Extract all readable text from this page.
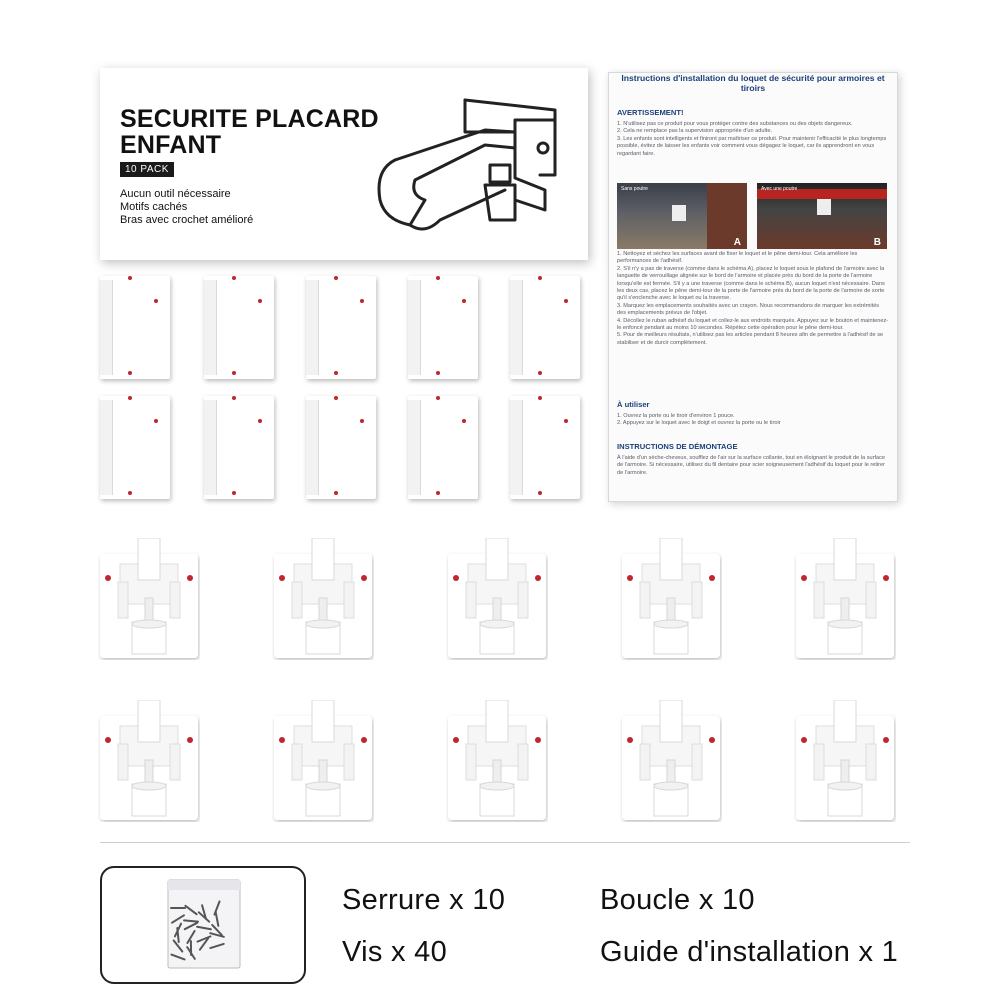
SECURITE PLACARD ENFANT
10 PACK
Aucun outil nécessaire
Motifs cachés
Bras avec crochet amélioré
Instructions d'installation du loquet de sécurité pour armoires et tiroirs
AVERTISSEMENT!
1. N'utilisez pas ce produit pour vous protéger contre des substances ou des objets dangereux.
2. Cela ne remplace pas la supervision appropriée d'un adulte.
3. Les enfants sont intelligents et finiront par maîtriser ce produit. Pour maintenir l'efficacité le plus longtemps possible, évitez de laisser les enfants voir comment vous dégagez le loquet, car ils apprendront en vous regardant faire.
Sans poutre
A
Avec une poutre
B
1. Nettoyez et séchez les surfaces avant de fixer le loquet et le pêne demi-tour. Cela améliore les performances de l'adhésif.
2. S'il n'y a pas de traverse (comme dans le schéma A), placez le loquet sous le plafond de l'armoire avec la languette de verrouillage alignée sur le bord de l'armoire et placée près du bord de la porte de l'armoire lorsqu'elle est fermée. S'il y a une traverse (comme dans le schéma B), aucun loquet n'est nécessaire. Dans les deux cas, placez le pêne demi-tour de la porte de l'armoire près du bord de la porte de l'armoire de sorte qu'il s'enclenche avec le loquet ou la traverse.
3. Marquez les emplacements souhaités avec un crayon. Nous recommandons de marquer les extrémités des emplacements prévus de l'objet.
4. Décollez le ruban adhésif du loquet et collez-le aux endroits marqués. Appuyez sur le bouton et maintenez-le enfoncé pendant au moins 10 secondes. Répétez cette opération pour le pêne demi-tour.
5. Pour de meilleurs résultats, n'utilisez pas les articles pendant 8 heures afin de permettre à l'adhésif de se stabiliser et de durcir complètement.
À utiliser
1. Ouvrez la porte ou le tiroir d'environ 1 pouce.
2. Appuyez sur le loquet avec le doigt et ouvrez la porte ou le tiroir
INSTRUCTIONS DE DÉMONTAGE
À l'aide d'un sèche-cheveux, soufflez de l'air sur la surface collante, tout en éloignant le produit de la surface de l'armoire. Si nécessaire, utilisez du fil dentaire pour scier soigneusement l'adhésif du loquet pour le retirer de l'armoire.
Serrure x 10	Boucle x 10
Vis x 40	Guide d'installation x 1
